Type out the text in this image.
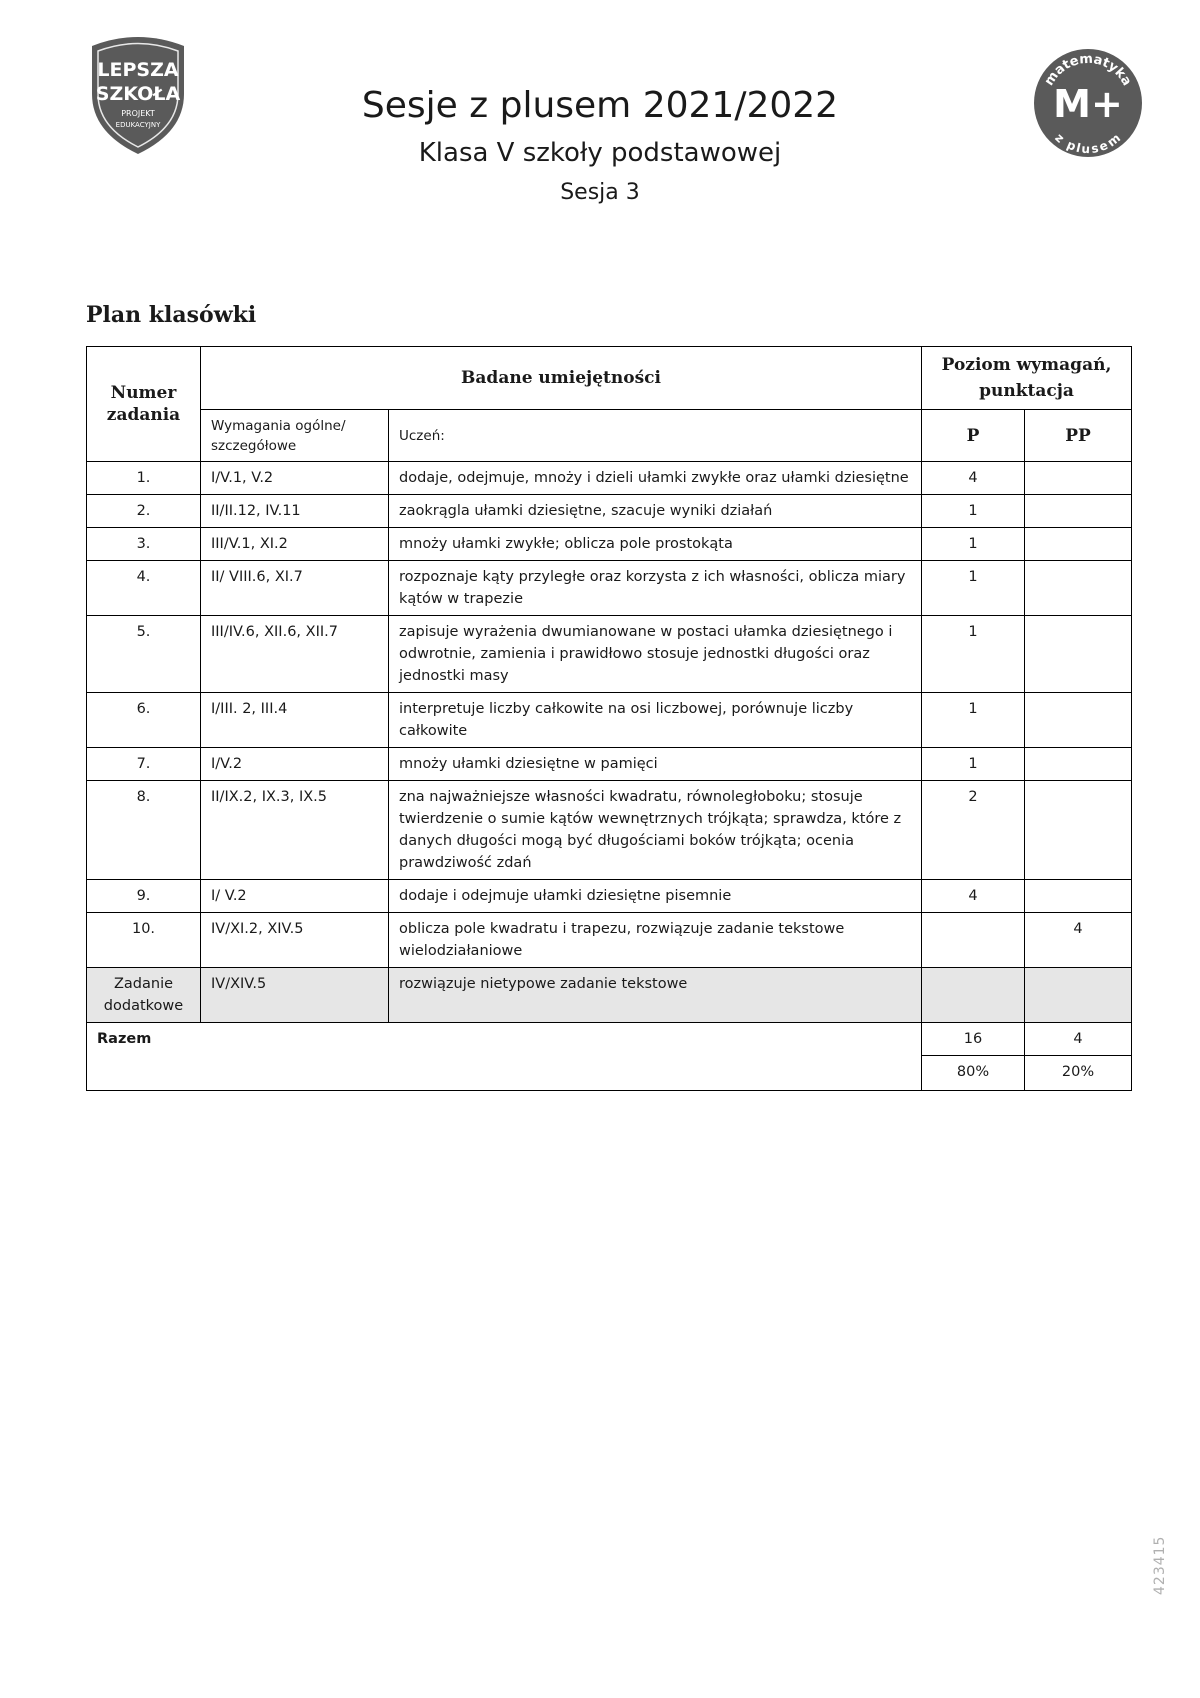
LEPSZA
SZKOŁA
PROJEKT
EDUKACYJNY
matematyka
z plusem
M+
Sesje z plusem 2021/2022
Klasa V szkoły podstawowej
Sesja 3
Plan klasówki
Numer zadania	Badane umiejętności		Poziom wymagań, punktacja	
	Wymagania ogólne/ szczegółowe	Uczeń:	P	PP
1.	I/V.1, V.2	dodaje, odejmuje, mnoży i dzieli ułamki zwykłe oraz ułamki dziesiętne	4	
2.	II/II.12, IV.11	zaokrągla ułamki dziesiętne, szacuje wyniki działań	1	
3.	III/V.1, XI.2	mnoży ułamki zwykłe; oblicza pole prostokąta	1	
4.	II/ VIII.6, XI.7	rozpoznaje kąty przyległe oraz korzysta z ich własności, oblicza miary kątów w trapezie	1	
5.	III/IV.6, XII.6, XII.7	zapisuje wyrażenia dwumianowane w postaci ułamka dziesiętnego i odwrotnie, zamienia i prawidłowo stosuje jednostki długości oraz jednostki masy	1	
6.	I/III. 2, III.4	interpretuje liczby całkowite na osi liczbowej, porównuje liczby całkowite	1	
7.	I/V.2	mnoży ułamki dziesiętne w pamięci	1	
8.	II/IX.2, IX.3, IX.5	zna najważniejsze własności kwadratu, równoległoboku; stosuje twierdzenie o sumie kątów wewnętrznych trójkąta; sprawdza, które z danych długości mogą być długościami boków trójkąta; ocenia prawdziwość zdań	2	
9.	I/ V.2	dodaje i odejmuje ułamki dziesiętne pisemnie	4	
10.	IV/XI.2, XIV.5	oblicza pole kwadratu i trapezu, rozwiązuje zadanie tekstowe wielodziałaniowe		4
Zadanie dodatkowe	IV/XIV.5	rozwiązuje nietypowe zadanie tekstowe		
Razem			16	4
			80%	20%
423415
